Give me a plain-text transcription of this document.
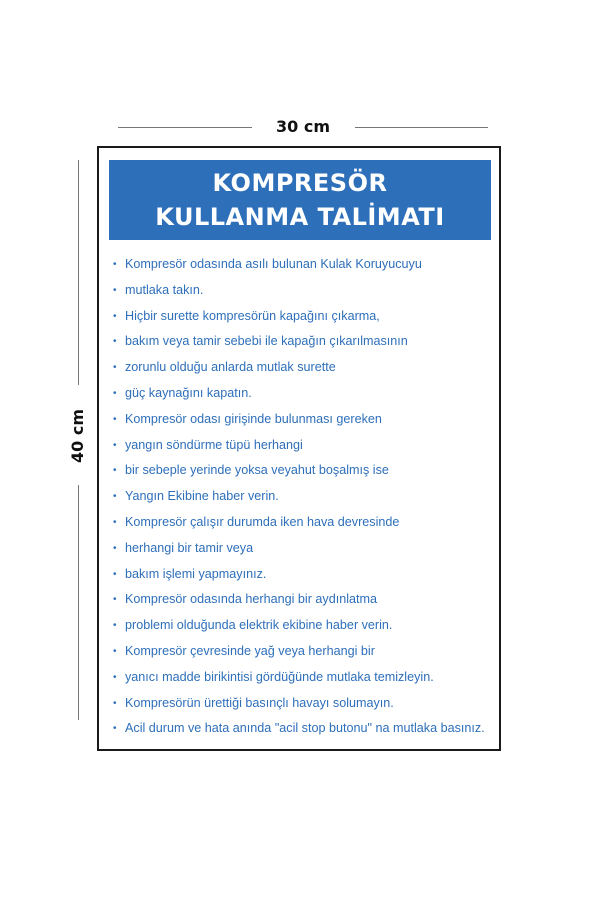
30 cm
40 cm
KOMPRESÖR
KULLANMA TALİMATI
• Kompresör odasında asılı bulunan Kulak Koruyucuyu
• mutlaka takın.
• Hiçbir surette kompresörün kapağını çıkarma,
• bakım veya tamir sebebi ile kapağın çıkarılmasının
• zorunlu olduğu anlarda mutlak surette
• güç kaynağını kapatın.
• Kompresör odası girişinde bulunması gereken
• yangın söndürme tüpü herhangi
• bir sebeple yerinde yoksa veyahut boşalmış ise
• Yangın Ekibine haber verin.
• Kompresör çalışır durumda iken hava devresinde
• herhangi bir tamir veya
• bakım işlemi yapmayınız.
• Kompresör odasında herhangi bir aydınlatma
• problemi olduğunda elektrik ekibine haber verin.
• Kompresör çevresinde yağ veya herhangi bir
• yanıcı madde birikintisi gördüğünde mutlaka temizleyin.
• Kompresörün ürettiği basınçlı havayı solumayın.
• Acil durum ve hata anında "acil stop butonu" na mutlaka basınız.
